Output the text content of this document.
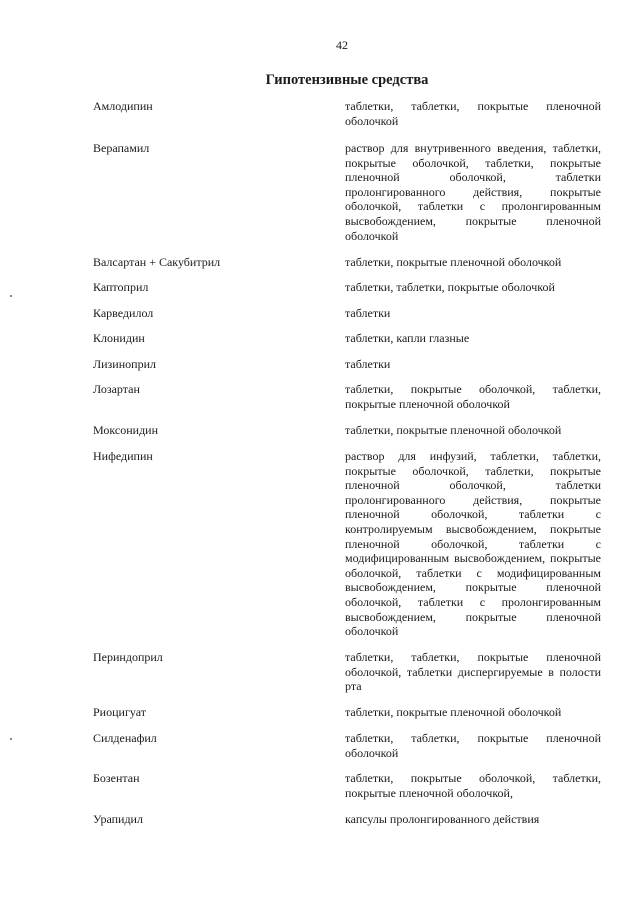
42
Гипотензивные средства
Амлодипин	таблетки, таблетки, покрытые пленочной оболочкой
Верапамил	раствор для внутривенного введения, таблетки, покрытые оболочкой, таблетки, покрытые пленочной оболочкой, таблетки пролонгированного действия, покрытые оболочкой, таблетки с пролонгированным высвобождением, покрытые пленочной оболочкой
Валсартан + Сакубитрил	таблетки, покрытые пленочной оболочкой
Каптоприл	таблетки, таблетки, покрытые оболочкой
Карведилол	таблетки
Клонидин	таблетки, капли глазные
Лизиноприл	таблетки
Лозартан	таблетки, покрытые оболочкой, таблетки, покрытые пленочной оболочкой
Моксонидин	таблетки, покрытые пленочной оболочкой
Нифедипин	раствор для инфузий, таблетки, таблетки, покрытые оболочкой, таблетки, покрытые пленочной оболочкой, таблетки пролонгированного действия, покрытые пленочной оболочкой, таблетки с контролируемым высвобождением, покрытые пленочной оболочкой, таблетки с модифицированным высвобождением, покрытые оболочкой, таблетки с модифицированным высвобождением, покрытые пленочной оболочкой, таблетки с пролонгированным высвобождением, покрытые пленочной оболочкой
Периндоприл	таблетки, таблетки, покрытые пленочной оболочкой, таблетки диспергируемые в полости рта
Риоцигуат	таблетки, покрытые пленочной оболочкой
Силденафил	таблетки, таблетки, покрытые пленочной оболочкой
Бозентан	таблетки, покрытые оболочкой, таблетки, покрытые пленочной оболочкой,
Урапидил	капсулы пролонгированного действия
